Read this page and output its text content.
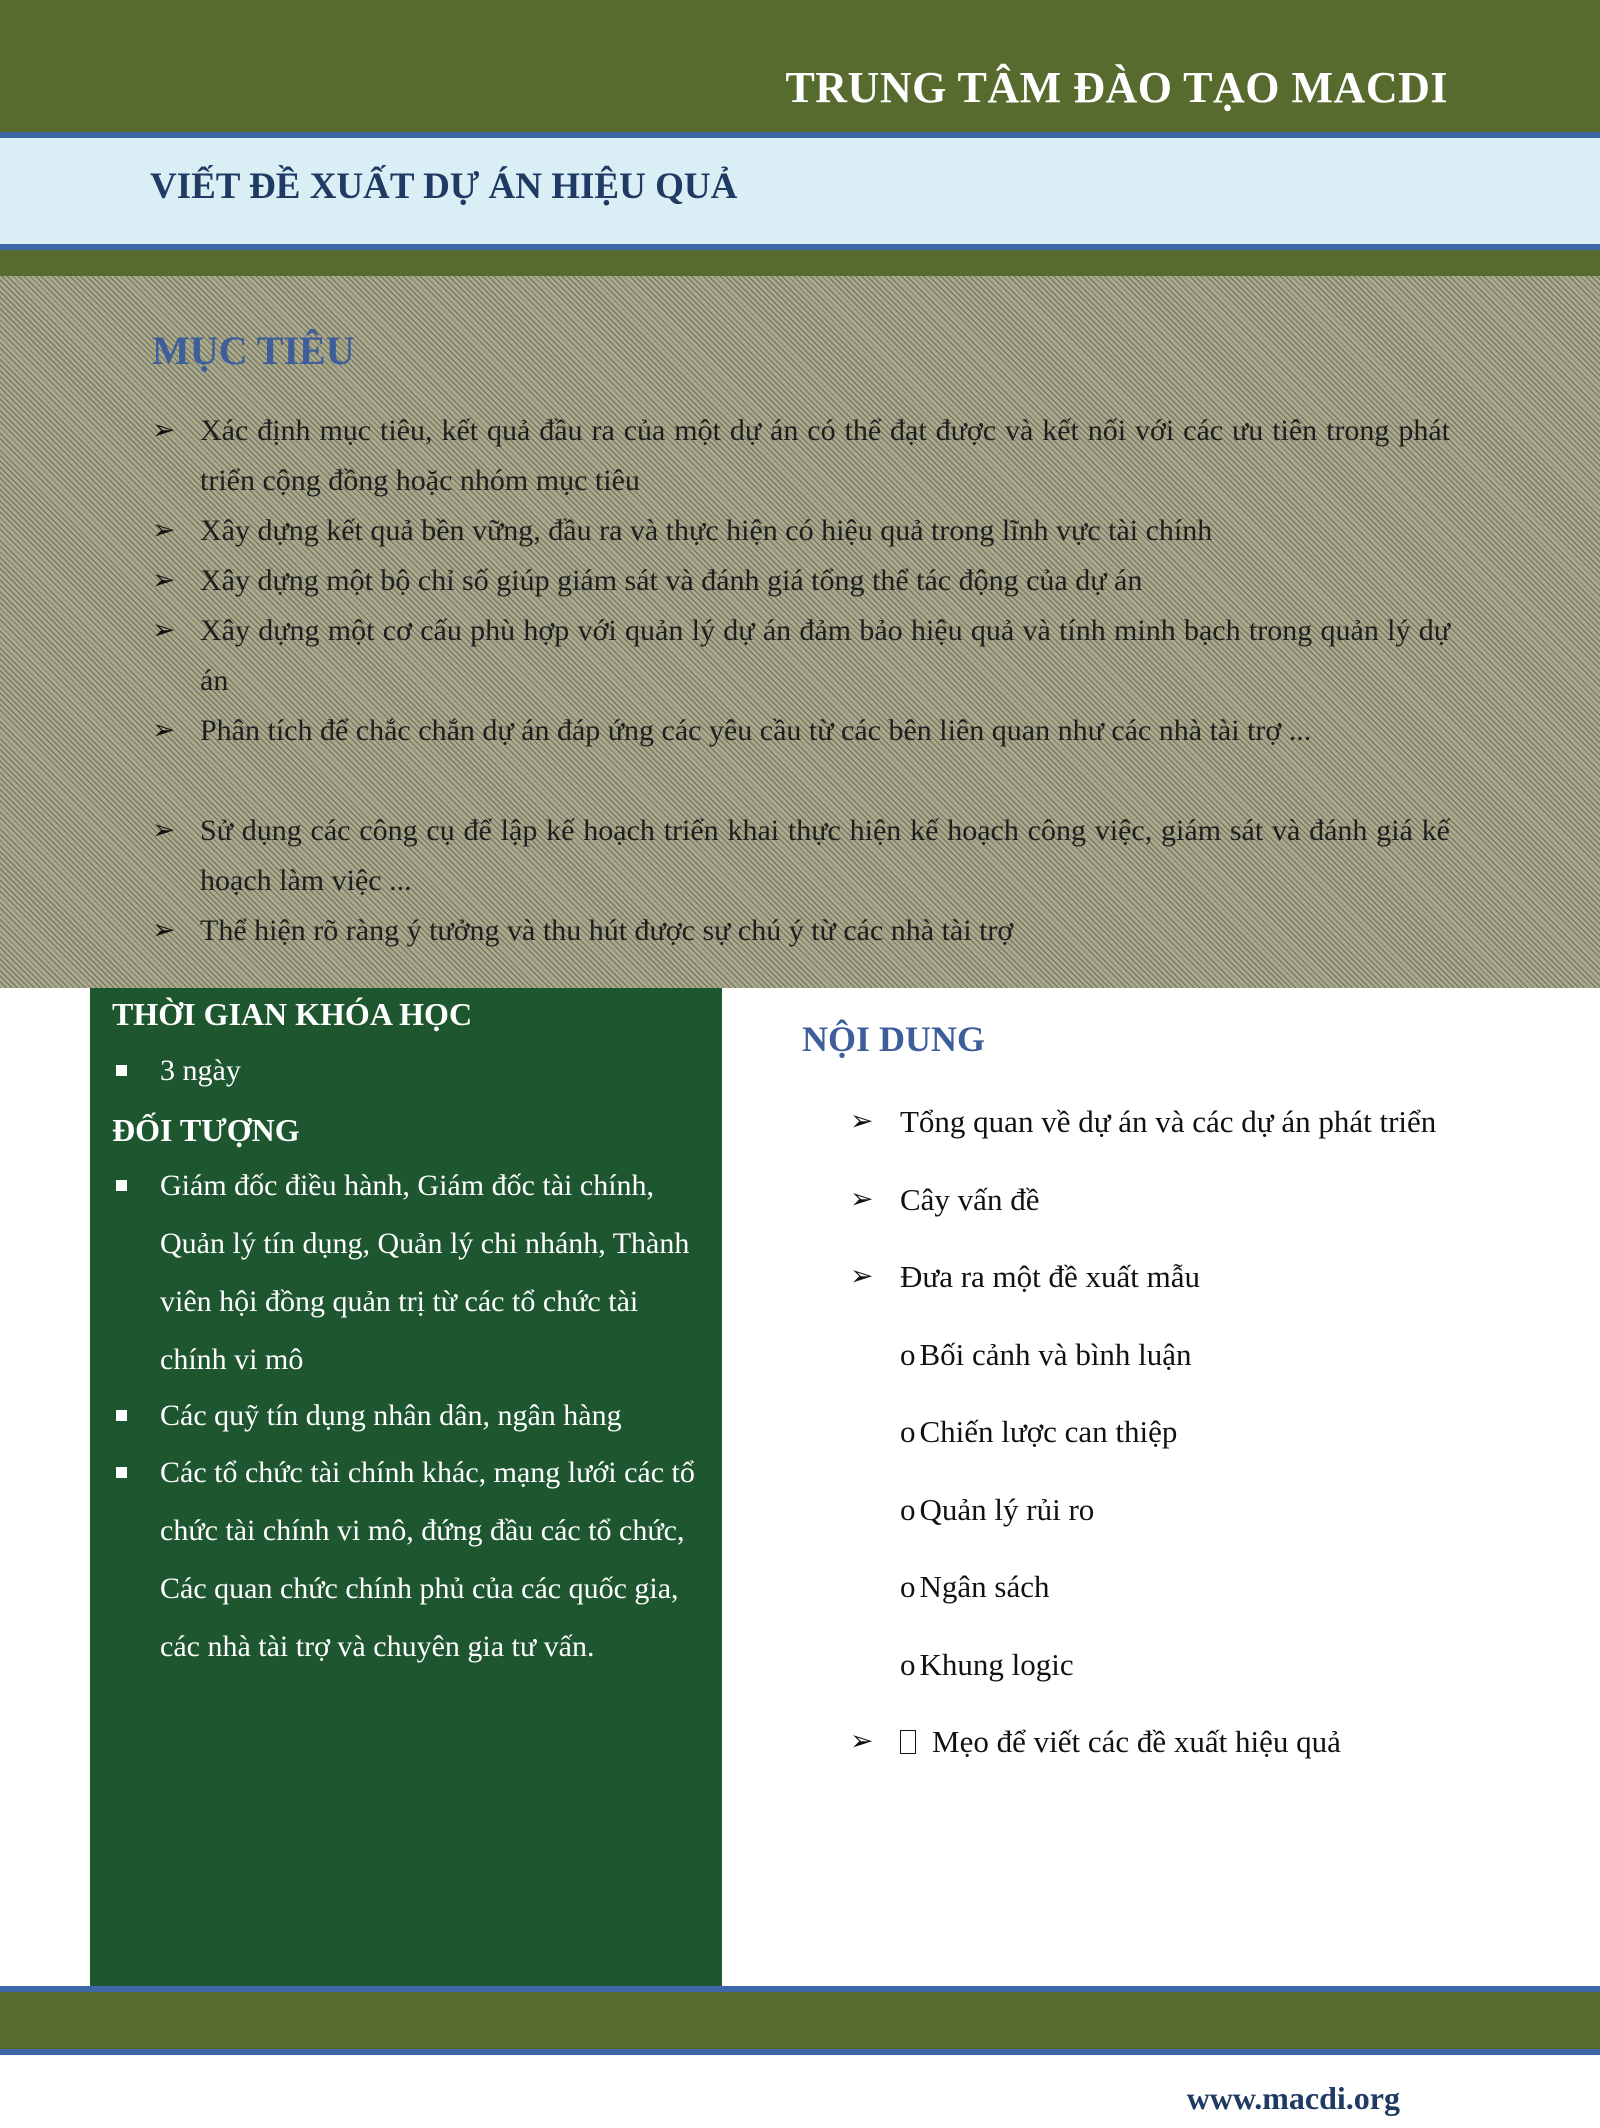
TRUNG TÂM ĐÀO TẠO MACDI
VIẾT ĐỀ XUẤT DỰ ÁN HIỆU QUẢ
MỤC TIÊU
➢ Xác định mục tiêu, kết quả đầu ra của một dự án có thể đạt được và kết nối với các ưu tiên trong phát triển cộng đồng hoặc nhóm mục tiêu
➢ Xây dựng kết quả bền vững, đầu ra và thực hiện có hiệu quả trong lĩnh vực tài chính
➢ Xây dựng một bộ chỉ số giúp giám sát và đánh giá tổng thể tác động của dự án
➢ Xây dựng một cơ cấu phù hợp với quản lý dự án đảm bảo hiệu quả và tính minh bạch trong quản lý dự án
➢ Phân tích để chắc chắn dự án đáp ứng các yêu cầu từ các bên liên quan như các nhà tài trợ ...
➢ Sử dụng các công cụ để lập kế hoạch triển khai thực hiện kế hoạch công việc, giám sát và đánh giá kế hoạch làm việc ...
➢ Thể hiện rõ ràng ý tưởng và thu hút được sự chú ý từ các nhà tài trợ
THỜI GIAN KHÓA HỌC
3 ngày
ĐỐI TƯỢNG
Giám đốc điều hành, Giám đốc tài chính, Quản lý tín dụng, Quản lý chi nhánh, Thành viên hội đồng quản trị từ các tổ chức tài chính vi mô
Các quỹ tín dụng nhân dân, ngân hàng
Các tổ chức tài chính khác, mạng lưới các tổ chức tài chính vi mô, đứng đầu các tổ chức, Các quan chức chính phủ của các quốc gia, các nhà tài trợ và chuyên gia tư vấn.
NỘI DUNG
➢ Tổng quan về dự án và các dự án phát triển
➢ Cây vấn đề
➢ Đưa ra một đề xuất mẫu
o Bối cảnh và bình luận
o Chiến lược can thiệp
o Quản lý rủi ro
o Ngân sách
o Khung logic
➢	Mẹo để viết các đề xuất hiệu quả
www.macdi.org
